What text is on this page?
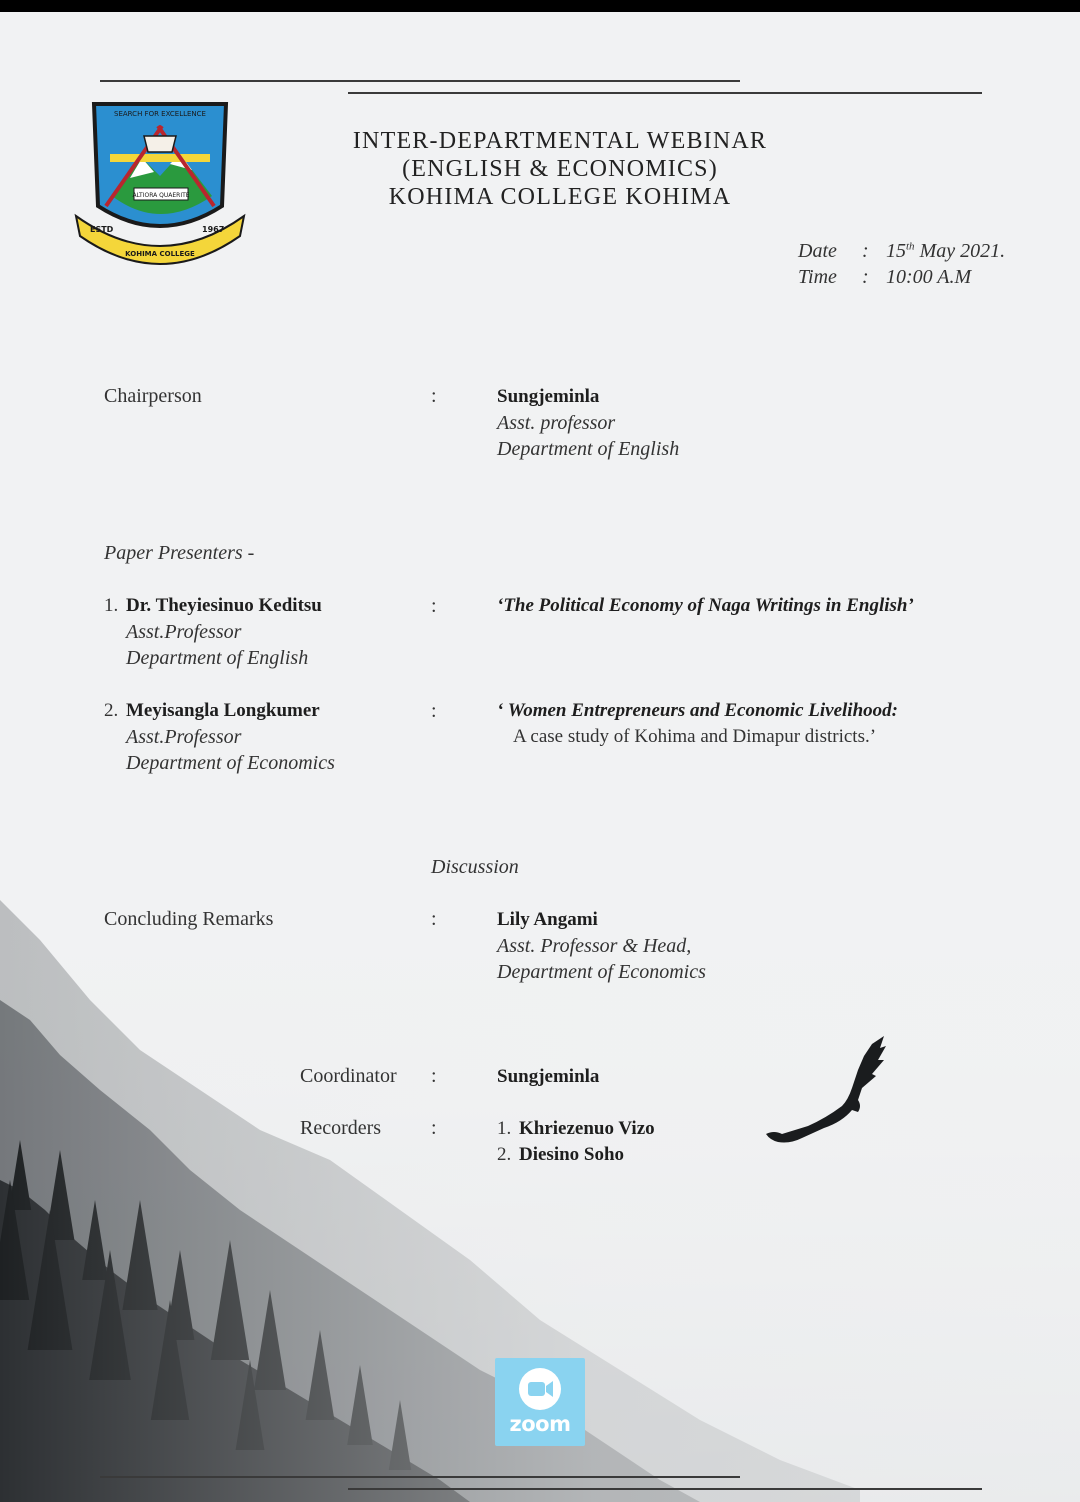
SEARCH FOR EXCELLENCE
ALTIORA QUAERITE
ESTD	1967
KOHIMA COLLEGE
INTER-DEPARTMENTAL WEBINAR
(ENGLISH & ECONOMICS)
KOHIMA COLLEGE KOHIMA
Date : 15th May 2021.
Time : 10:00 A.M
Chairperson	:	Sungjeminla
Asst. professor
Department of English
Paper Presenters -
1. Dr. Theyiesinuo Keditsu
Asst.Professor
Department of English
:	‘The Political Economy of Naga Writings in English’
2. Meyisangla Longkumer
Asst.Professor
Department of Economics
:	‘ Women Entrepreneurs and Economic Livelihood:
A case study of Kohima and Dimapur districts.’
Discussion
Concluding Remarks	:	Lily Angami
Asst. Professor & Head,
Department of Economics
Coordinator :	Sungjeminla
Recorders :	1. Khriezenuo Vizo
2. Diesino Soho
zoom
